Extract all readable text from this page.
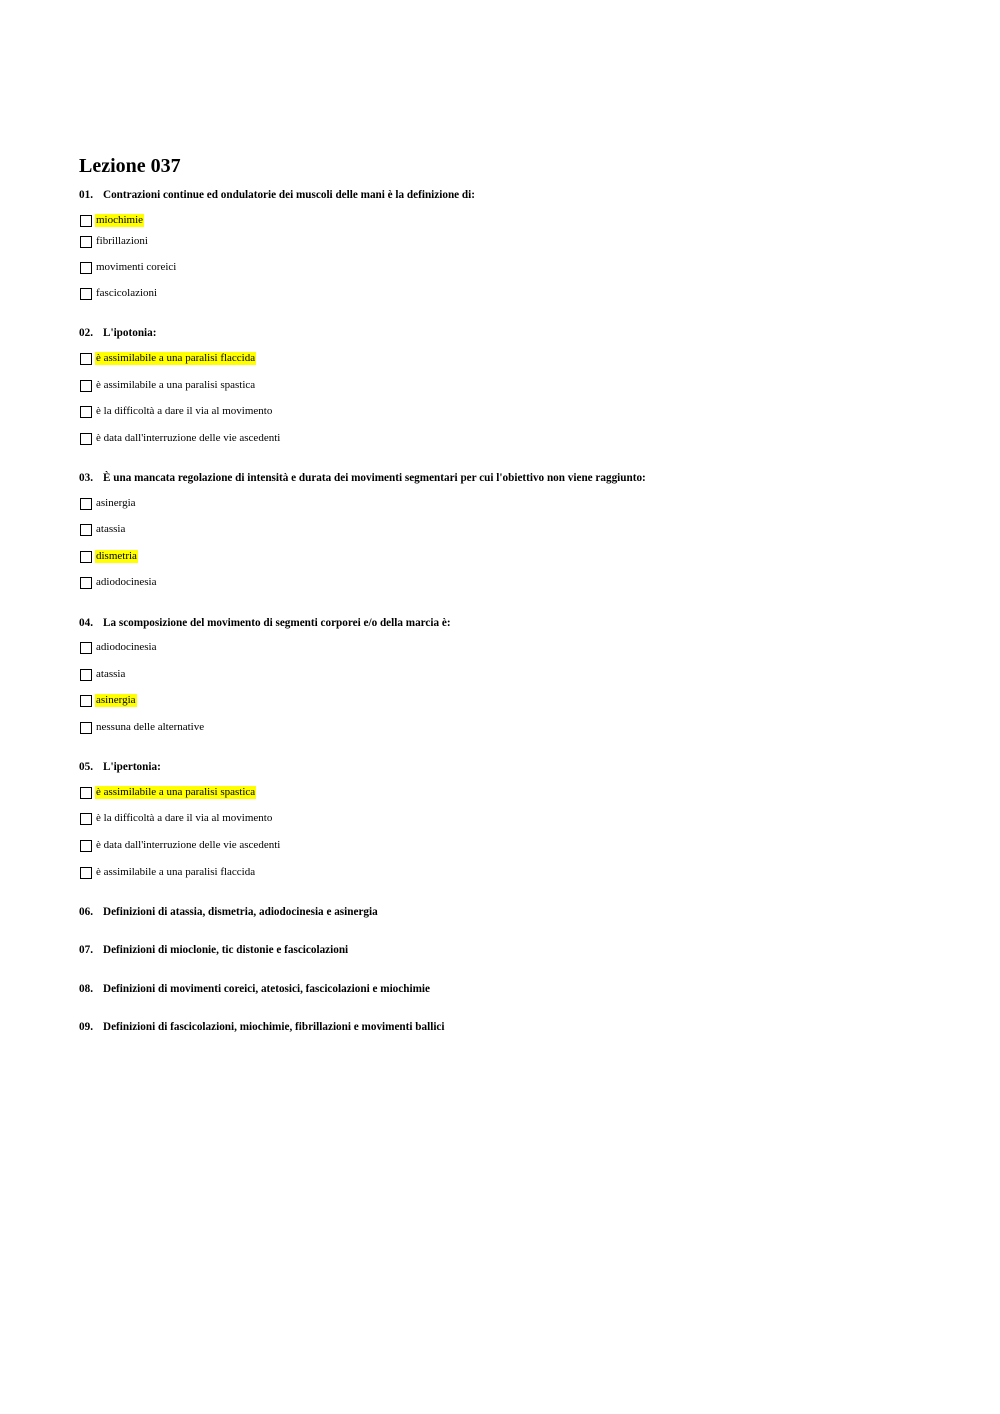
Lezione 037
01. Contrazioni continue ed ondulatorie dei muscoli delle mani è la definizione di:
miochimie
fibrillazioni
movimenti coreici
fascicolazioni
02. L'ipotonia:
è assimilabile a una paralisi flaccida
è assimilabile a una paralisi spastica
è la difficoltà a dare il via al movimento
è data dall'interruzione delle vie ascedenti
03. È una mancata regolazione di intensità e durata dei movimenti segmentari per cui l'obiettivo non viene raggiunto:
asinergia
atassia
dismetria
adiodocinesia
04. La scomposizione del movimento di segmenti corporei e/o della marcia è:
adiodocinesia
atassia
asinergia
nessuna delle alternative
05. L'ipertonia:
è assimilabile a una paralisi spastica
è la difficoltà a dare il via al movimento
è data dall'interruzione delle vie ascedenti
è assimilabile a una paralisi flaccida
06. Definizioni di atassia, dismetria, adiodocinesia e asinergia
07. Definizioni di mioclonie, tic distonie e fascicolazioni
08. Definizioni di movimenti coreici, atetosici, fascicolazioni e miochimie
09. Definizioni di fascicolazioni, miochimie, fibrillazioni e movimenti ballici
